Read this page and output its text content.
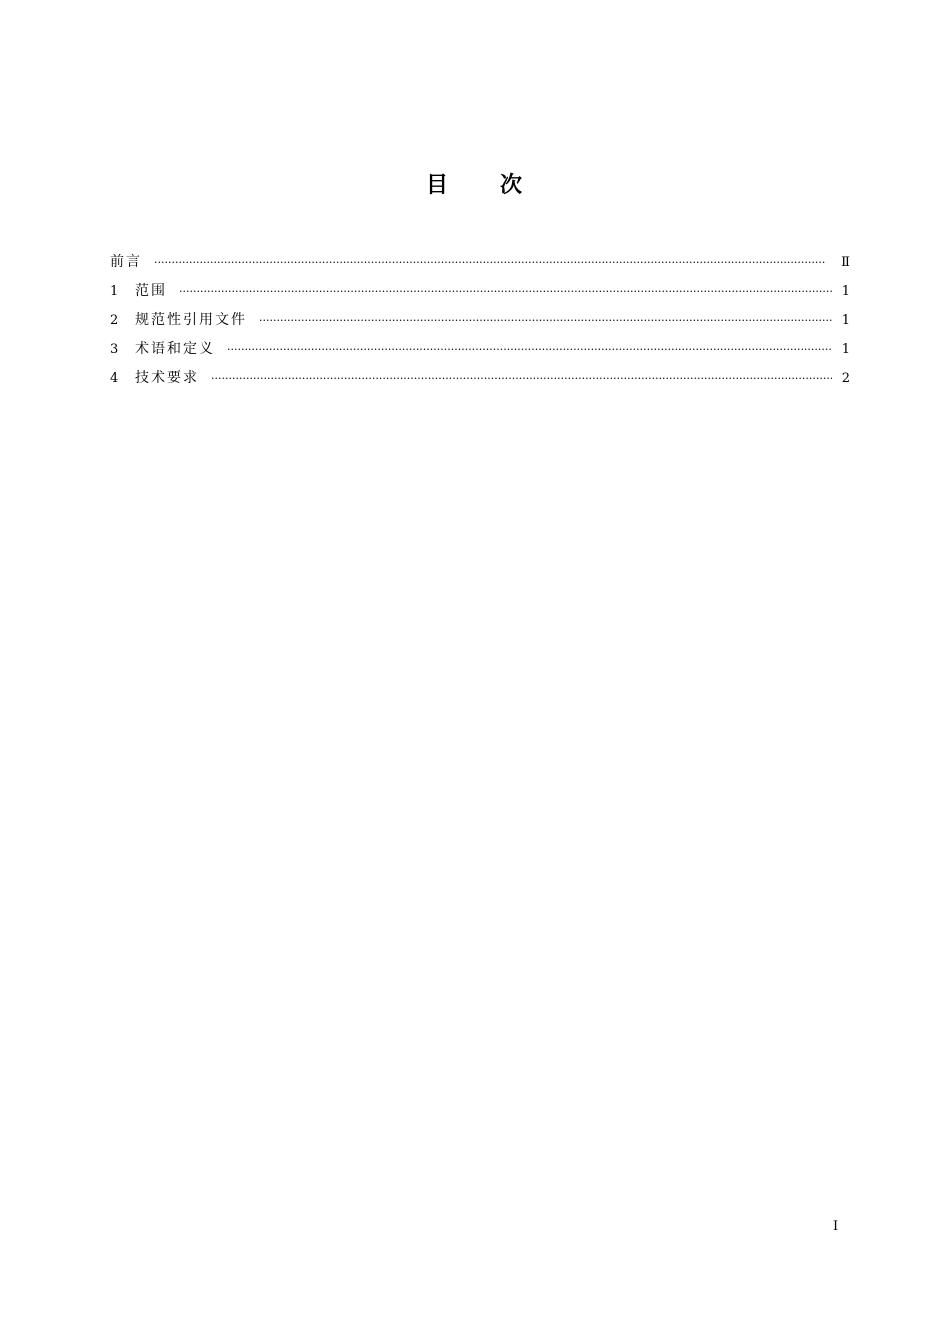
目 次
前言 ·····	Ⅱ
1	范围 ·····	1
2	规范性引用文件 ·····	1
3	术语和定义 ·····	1
4	技术要求 ·····	2
I
